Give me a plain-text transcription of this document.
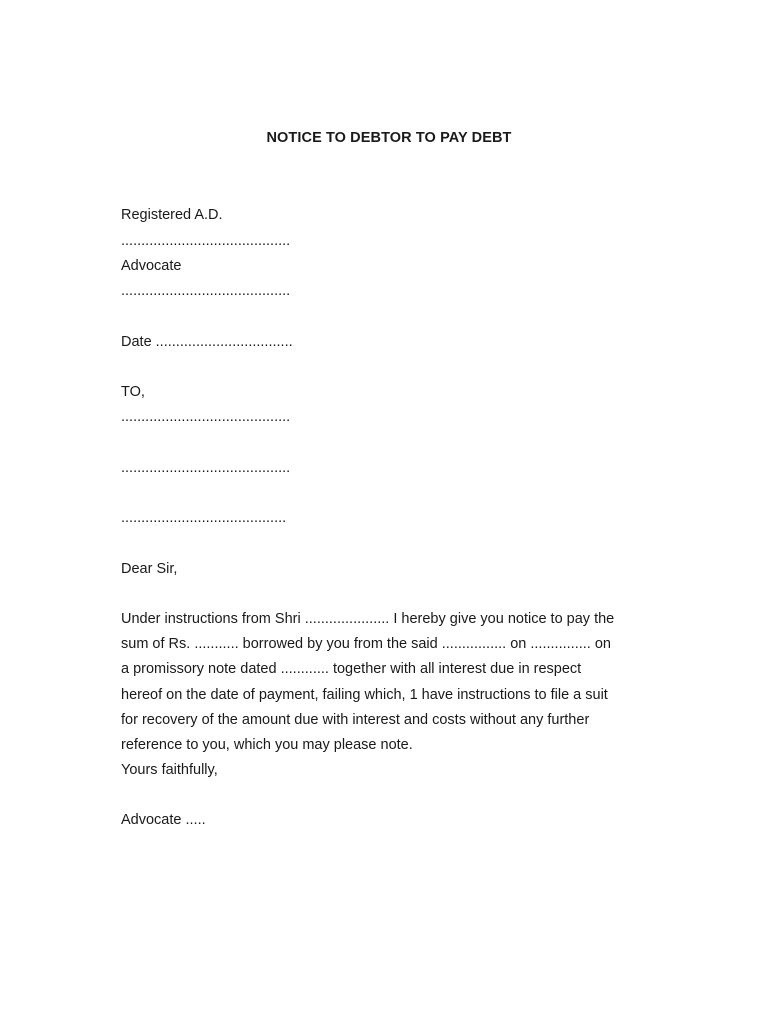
NOTICE TO DEBTOR TO PAY DEBT
Registered A.D.
..........................................
Advocate
..........................................
Date ..................................
TO,
..........................................
..........................................
.........................................
Dear Sir,
Under instructions from Shri ..................... I hereby give you notice to pay the
sum of Rs. ........... borrowed by you from the said ................ on ............... on
a promissory note dated ............ together with all interest due in respect
hereof on the date of payment, failing which, 1 have instructions to file a suit
for recovery of the amount due with interest and costs without any further
reference to you, which you may please note.
Yours faithfully,
Advocate .....
